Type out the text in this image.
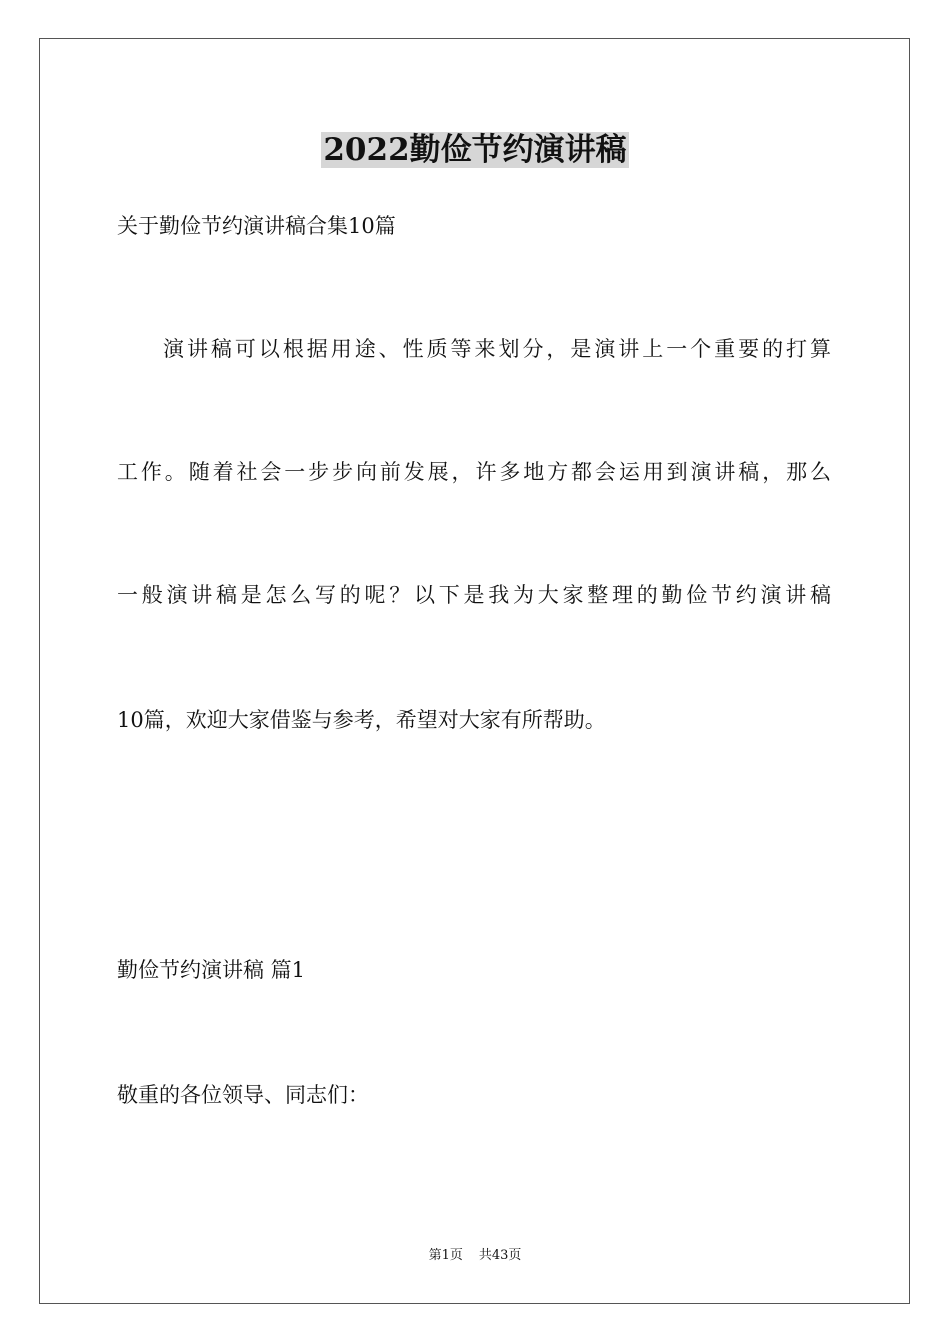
2022勤俭节约演讲稿
关于勤俭节约演讲稿合集10篇
演讲稿可以根据用途、性质等来划分，是演讲上一个重要的打算
工作。随着社会一步步向前发展，许多地方都会运用到演讲稿，那么
一般演讲稿是怎么写的呢？以下是我为大家整理的勤俭节约演讲稿
10篇，欢迎大家借鉴与参考，希望对大家有所帮助。
勤俭节约演讲稿 篇1
敬重的各位领导、同志们：
第1页 共43页
